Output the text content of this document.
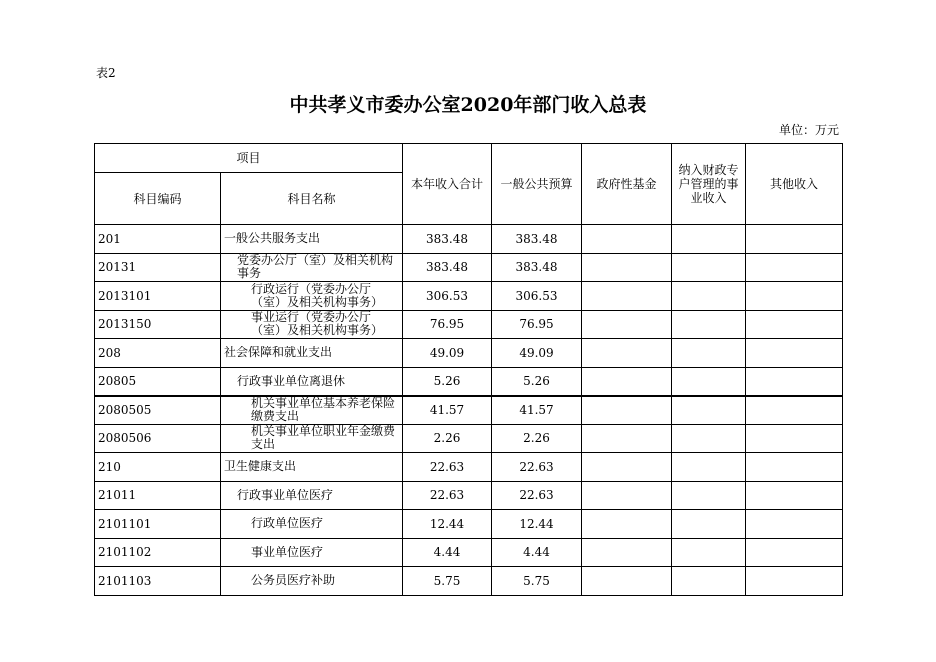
表2
中共孝义市委办公室2020年部门收入总表
单位：万元
项目		本年收入合计	一般公共预算	政府性基金	纳入财政专户管理的事业收入	其他收入
科目编码	科目名称					
201	一般公共服务支出	383.48	383.48			
20131	党委办公厅（室）及相关机构事务	383.48	383.48			
2013101	行政运行（党委办公厅（室）及相关机构事务）	306.53	306.53			
2013150	事业运行（党委办公厅（室）及相关机构事务）	76.95	76.95			
208	社会保障和就业支出	49.09	49.09			
20805	行政事业单位离退休	5.26	5.26			
2080505	机关事业单位基本养老保险缴费支出	41.57	41.57			
2080506	机关事业单位职业年金缴费支出	2.26	2.26			
210	卫生健康支出	22.63	22.63			
21011	行政事业单位医疗	22.63	22.63			
2101101	行政单位医疗	12.44	12.44			
2101102	事业单位医疗	4.44	4.44			
2101103	公务员医疗补助	5.75	5.75			
